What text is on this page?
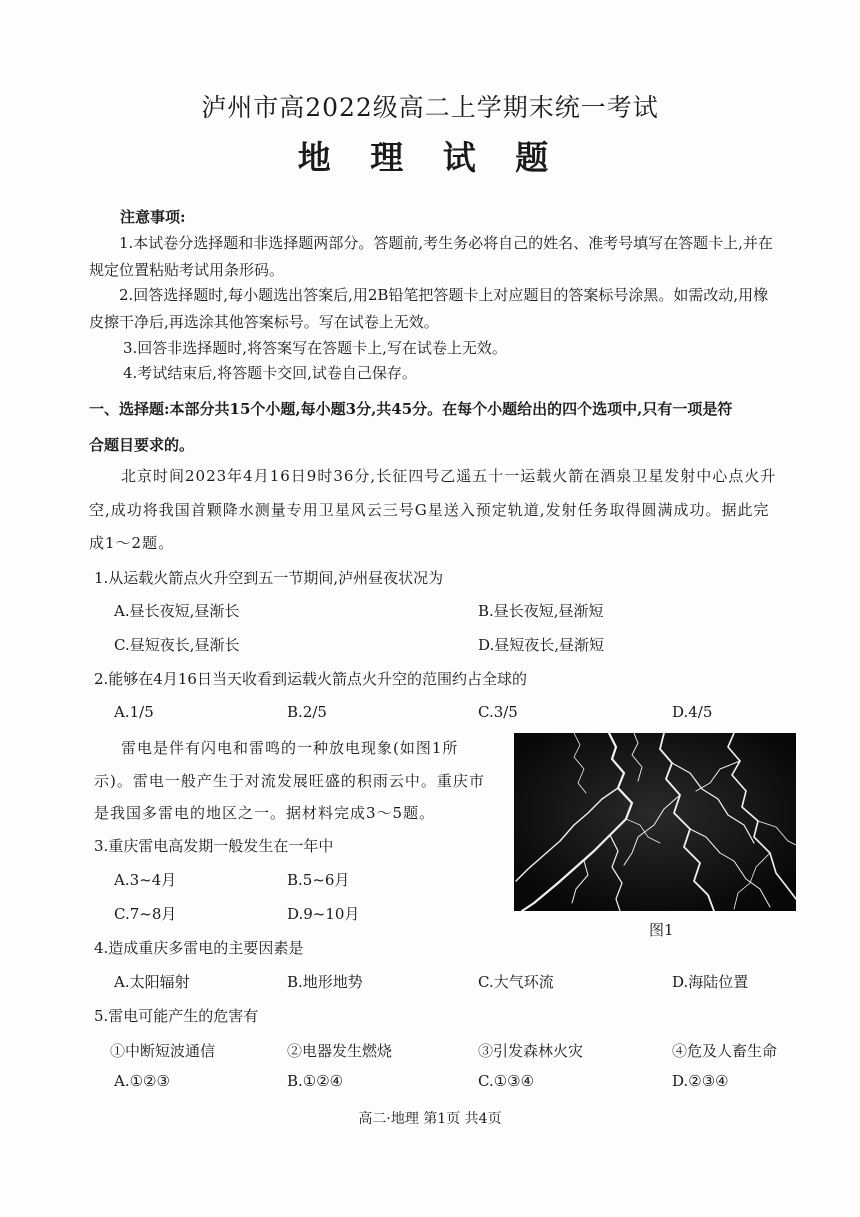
泸州市高2022级高二上学期末统一考试
地 理 试 题
注意事项:
1.本试卷分选择题和非选择题两部分。答题前,考生务必将自己的姓名、准考号填写在答题卡上,并在
规定位置粘贴考试用条形码。
2.回答选择题时,每小题选出答案后,用2B铅笔把答题卡上对应题目的答案标号涂黑。如需改动,用橡
皮擦干净后,再选涂其他答案标号。写在试卷上无效。
3.回答非选择题时,将答案写在答题卡上,写在试卷上无效。
4.考试结束后,将答题卡交回,试卷自己保存。
一、选择题:本部分共15个小题,每小题3分,共45分。在每个小题给出的四个选项中,只有一项是符
合题目要求的。
北京时间2023年4月16日9时36分,长征四号乙遥五十一运载火箭在酒泉卫星发射中心点火升
空,成功将我国首颗降水测量专用卫星风云三号G星送入预定轨道,发射任务取得圆满成功。据此完
成1～2题。
1.从运载火箭点火升空到五一节期间,泸州昼夜状况为
A.昼长夜短,昼渐长	B.昼长夜短,昼渐短
C.昼短夜长,昼渐长	D.昼短夜长,昼渐短
2.能够在4月16日当天收看到运载火箭点火升空的范围约占全球的
A.1/5	B.2/5	C.3/5	D.4/5
雷电是伴有闪电和雷鸣的一种放电现象(如图1所
示)。雷电一般产生于对流发展旺盛的积雨云中。重庆市
是我国多雷电的地区之一。据材料完成3～5题。
3.重庆雷电高发期一般发生在一年中
A.3~4月	B.5~6月
C.7~8月	D.9~10月
图1
4.造成重庆多雷电的主要因素是
A.太阳辐射	B.地形地势	C.大气环流	D.海陆位置
5.雷电可能产生的危害有
①中断短波通信	②电器发生燃烧	③引发森林火灾	④危及人畜生命
A.①②③	B.①②④	C.①③④	D.②③④
高二·地理 第1页 共4页
